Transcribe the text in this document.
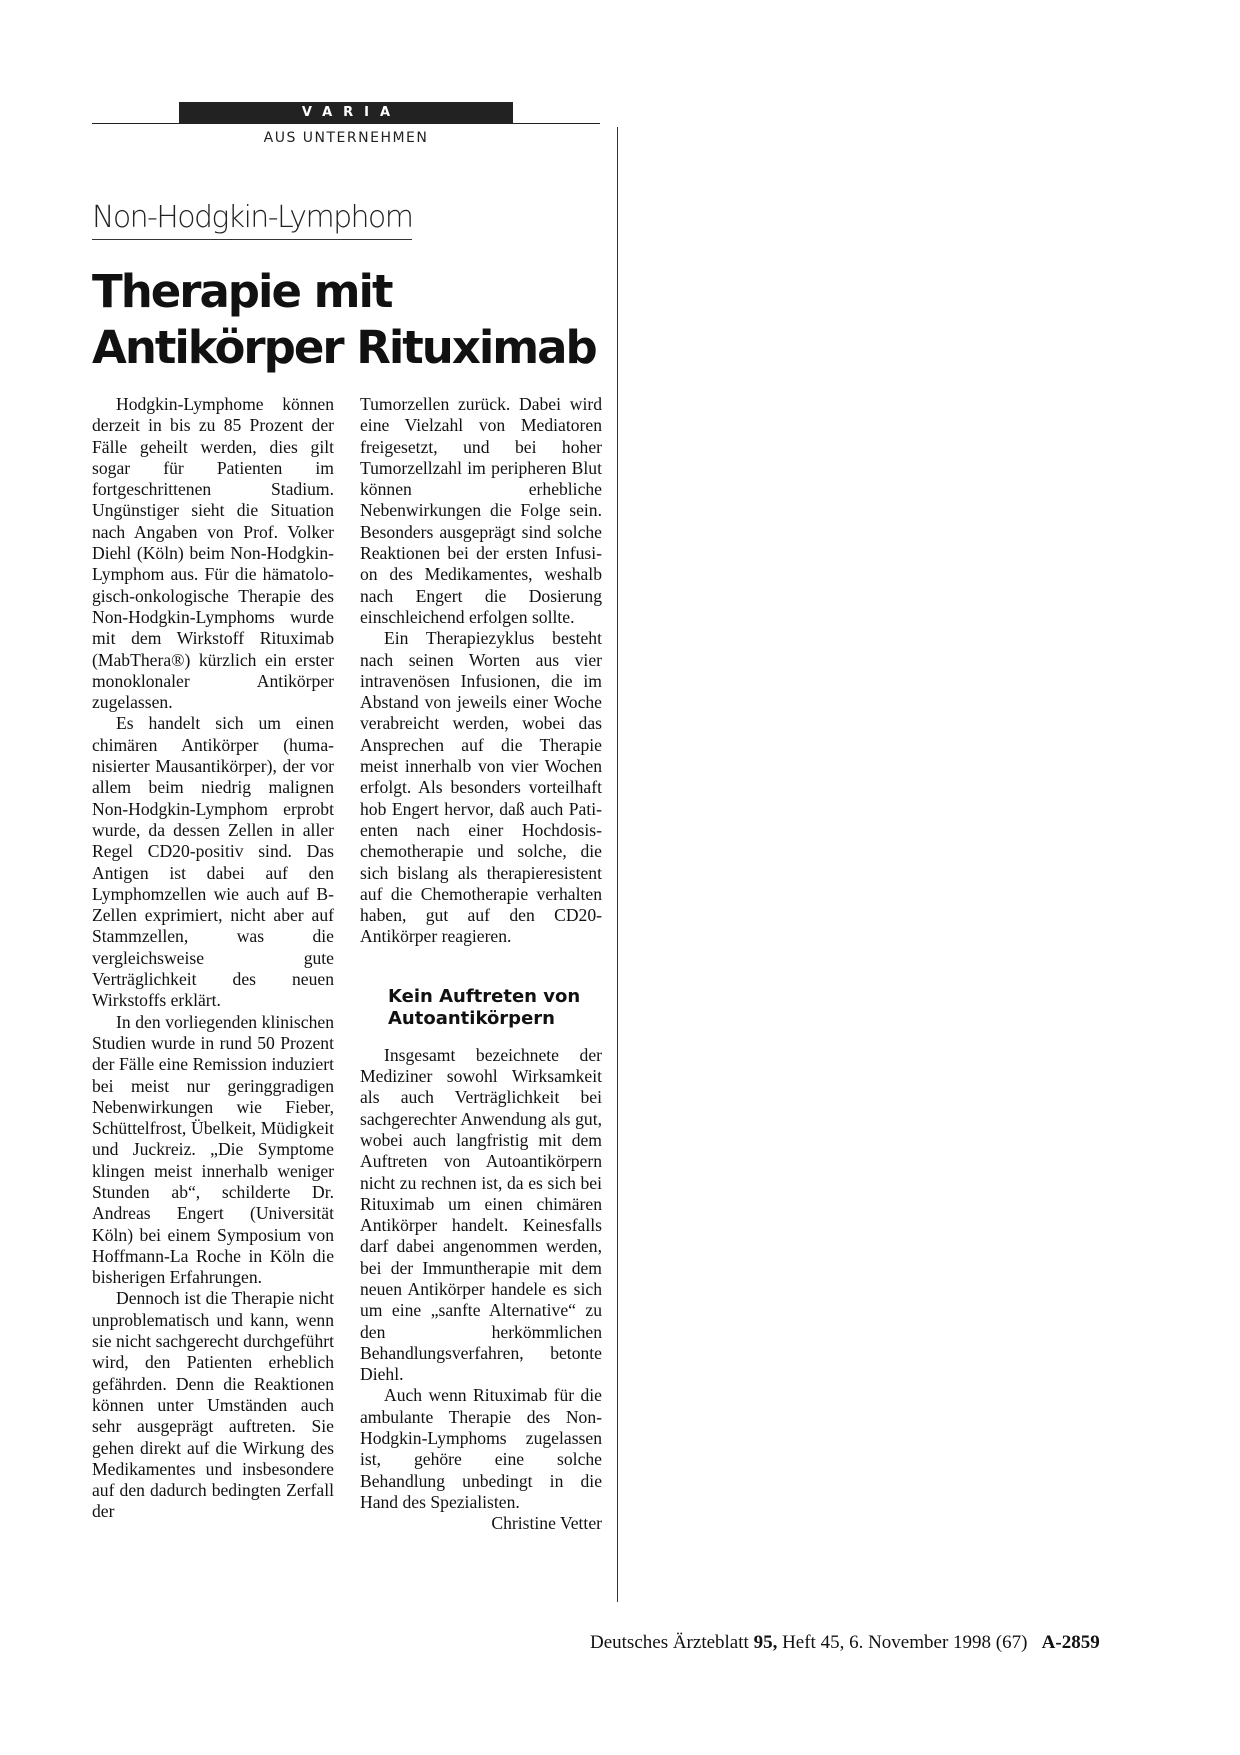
VARIA
AUS UNTERNEHMEN
Non-Hodgkin-Lymphom
Therapie mit
Antikörper Rituximab

Hodgkin-Lymphome können derzeit in bis zu 85 Prozent der Fälle geheilt werden, dies gilt sogar für Patienten im fortgeschrittenen Stadium. Ungünstiger sieht die Situation nach Angaben von Prof. Volker Diehl (Köln) beim Non-Hodgkin-Lymphom aus. Für die hämatologisch-onkologische Therapie des Non-Hodgkin-Lymphoms wurde mit dem Wirkstoff Rituximab (MabThera®) kürzlich ein erster monoklonaler Antikörper zugelassen.

Es handelt sich um einen chimären Antikörper (humanisierter Mausantikörper), der vor allem beim niedrig malignen Non-Hodgkin-Lymphom erprobt wurde, da dessen Zellen in aller Regel CD20-positiv sind. Das Antigen ist dabei auf den Lymphomzellen wie auch auf B-Zellen exprimiert, nicht aber auf Stammzellen, was die vergleichsweise gute Verträglichkeit des neuen Wirkstoffs erklärt.

In den vorliegenden klinischen Studien wurde in rund 50 Prozent der Fälle eine Remission induziert bei meist nur geringgradigen Nebenwirkungen wie Fieber, Schüttelfrost, Übelkeit, Müdigkeit und Juckreiz. „Die Symptome klingen meist innerhalb weniger Stunden ab“, schilderte Dr. Andreas Engert (Universität Köln) bei einem Symposium von Hoffmann-La Roche in Köln die bisherigen Erfahrungen.

Dennoch ist die Therapie nicht unproblematisch und kann, wenn sie nicht sachgerecht durchgeführt wird, den Patienten erheblich gefährden. Denn die Reaktionen können unter Umständen auch sehr ausgeprägt auftreten. Sie gehen direkt auf die Wirkung des Medikamentes und insbesondere auf den dadurch bedingten Zerfall der

Tumorzellen zurück. Dabei wird eine Vielzahl von Mediatoren freigesetzt, und bei hoher Tumorzellzahl im peripheren Blut können erhebliche Nebenwirkungen die Folge sein. Besonders ausgeprägt sind solche Reaktionen bei der ersten Infusion des Medikamentes, weshalb nach Engert die Dosierung einschleichend erfolgen sollte.

Ein Therapiezyklus besteht nach seinen Worten aus vier intravenösen Infusionen, die im Abstand von jeweils einer Woche verabreicht werden, wobei das Ansprechen auf die Therapie meist innerhalb von vier Wochen erfolgt. Als besonders vorteilhaft hob Engert hervor, daß auch Patienten nach einer Hochdosischemotherapie und solche, die sich bislang als therapieresistent auf die Chemotherapie verhalten haben, gut auf den CD20-Antikörper reagieren.

Kein Auftreten von Autoantikörpern

Insgesamt bezeichnete der Mediziner sowohl Wirksamkeit als auch Verträglichkeit bei sachgerechter Anwendung als gut, wobei auch langfristig mit dem Auftreten von Autoantikörpern nicht zu rechnen ist, da es sich bei Rituximab um einen chimären Antikörper handelt. Keinesfalls darf dabei angenommen werden, bei der Immuntherapie mit dem neuen Antikörper handele es sich um eine „sanfte Alternative“ zu den herkömmlichen Behandlungsverfahren, betonte Diehl.

Auch wenn Rituximab für die ambulante Therapie des Non-Hodgkin-Lymphoms zugelassen ist, gehöre eine solche Behandlung unbedingt in die Hand des Spezialisten.
Christine Vetter

Deutsches Ärzteblatt 95, Heft 45, 6. November 1998 (67) A-2859
